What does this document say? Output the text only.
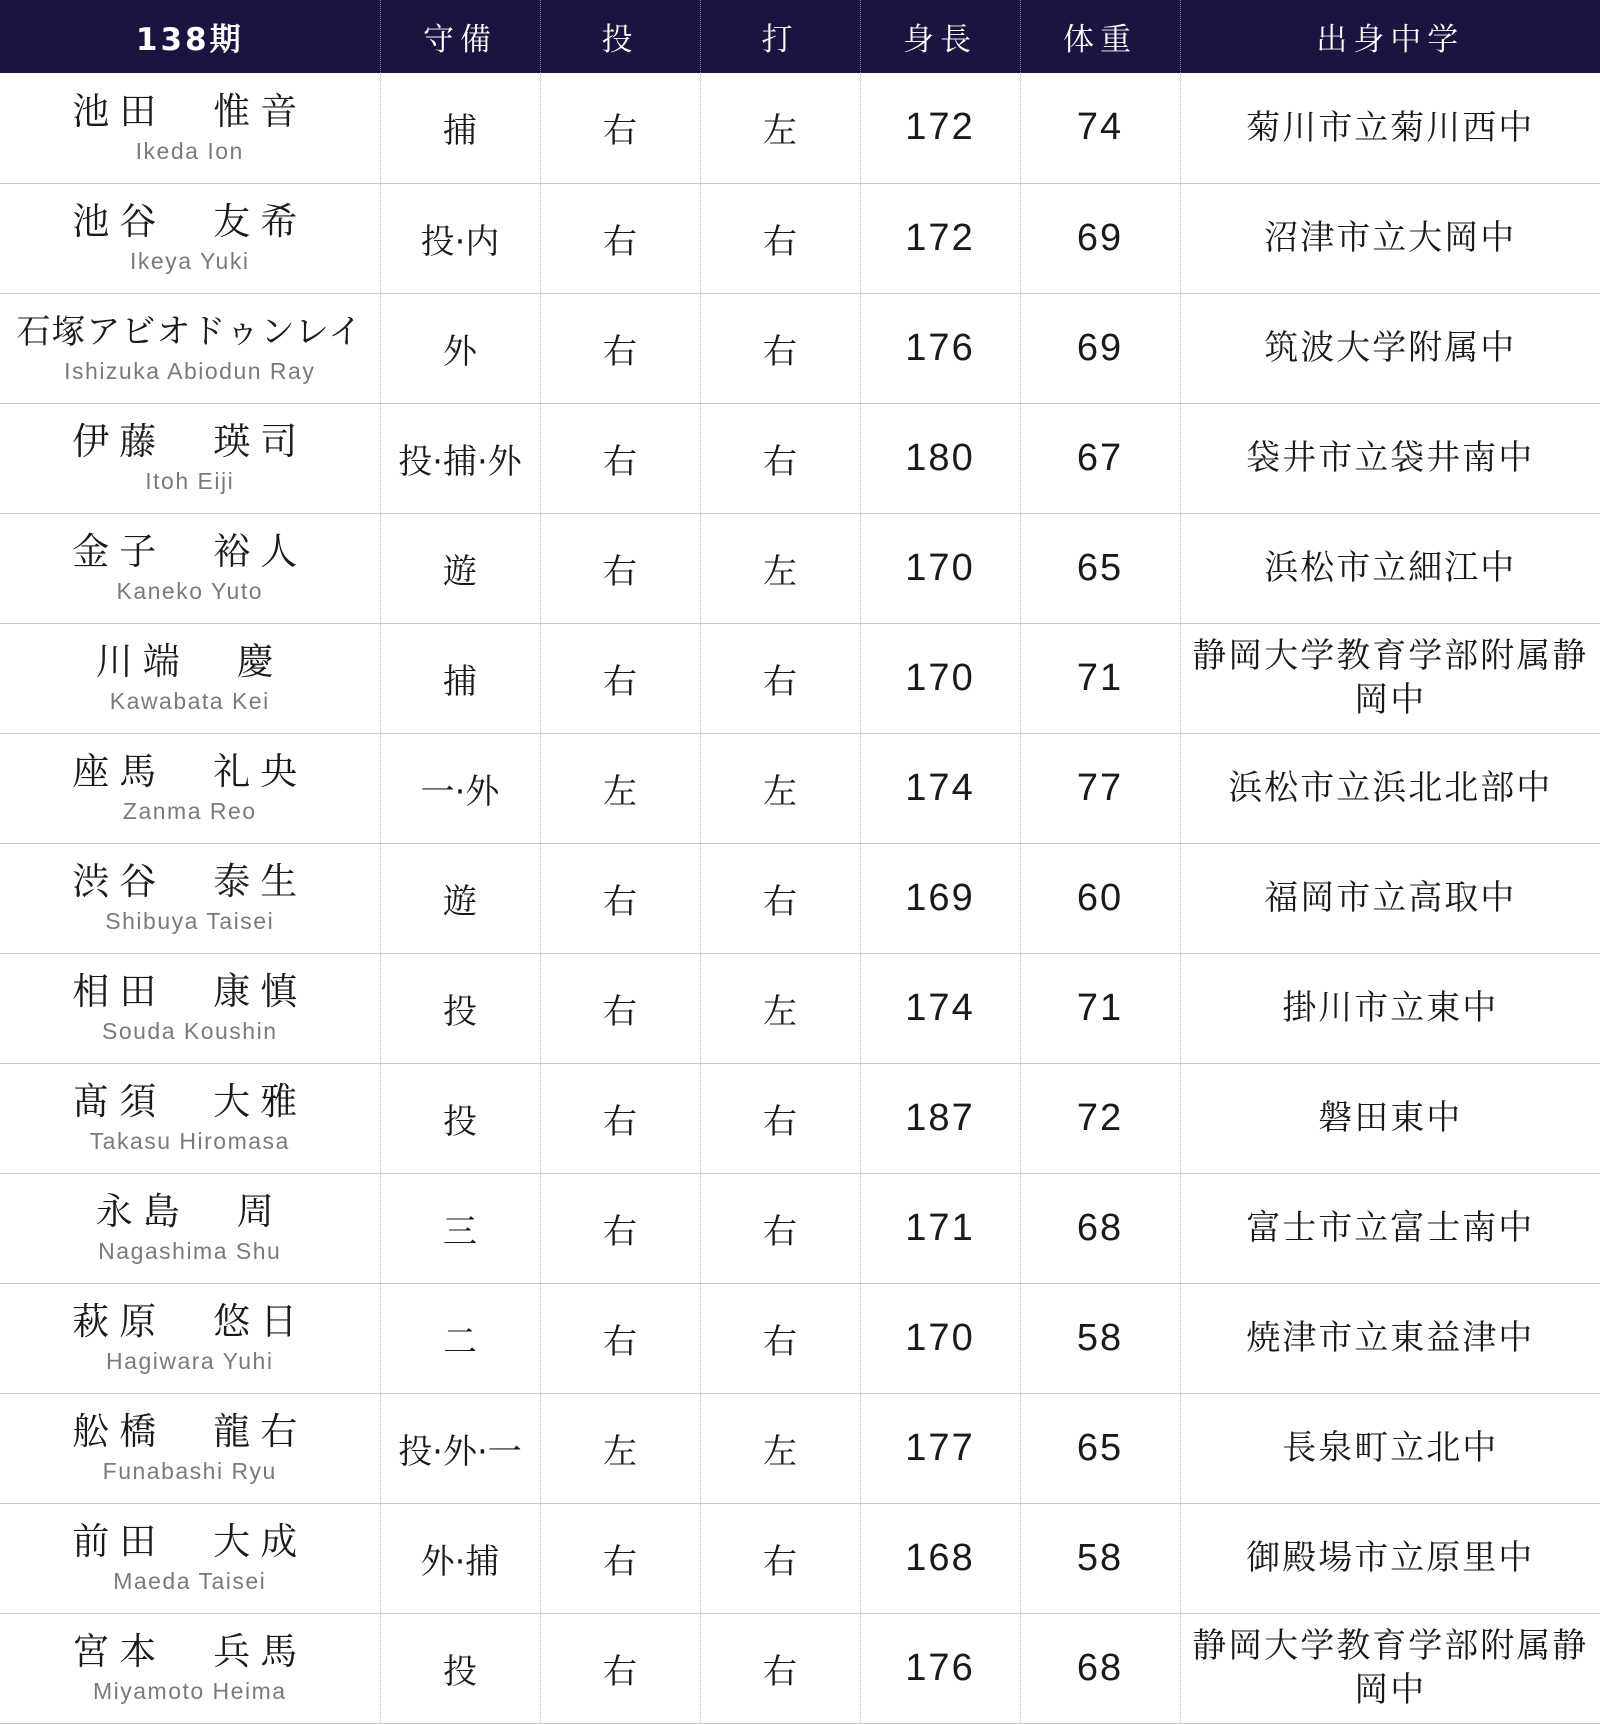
138期	守備	投	打	身長	体重	出身中学

池田　惟音
Ikeda Ion	捕	右	左	172	74	菊川市立菊川西中

池谷　友希
Ikeya Yuki	投·内	右	右	172	69	沼津市立大岡中

石塚アビオドゥンレイ
Ishizuka Abiodun Ray	外	右	右	176	69	筑波大学附属中

伊藤　瑛司
Itoh Eiji	投·捕·外	右	右	180	67	袋井市立袋井南中

金子　裕人
Kaneko Yuto	遊	右	左	170	65	浜松市立細江中

川端　慶
Kawabata Kei	捕	右	右	170	71	静岡大学教育学部附属静岡中

座馬　礼央
Zanma Reo	一·外	左	左	174	77	浜松市立浜北北部中

渋谷　泰生
Shibuya Taisei	遊	右	右	169	60	福岡市立高取中

相田　康慎
Souda Koushin	投	右	左	174	71	掛川市立東中

髙須　大雅
Takasu Hiromasa	投	右	右	187	72	磐田東中

永島　周
Nagashima Shu	三	右	右	171	68	富士市立富士南中

萩原　悠日
Hagiwara Yuhi	二	右	右	170	58	焼津市立東益津中

舩橋　龍右
Funabashi Ryu	投·外·一	左	左	177	65	長泉町立北中

前田　大成
Maeda Taisei	外·捕	右	右	168	58	御殿場市立原里中

宮本　兵馬
Miyamoto Heima	投	右	右	176	68	静岡大学教育学部附属静岡中
